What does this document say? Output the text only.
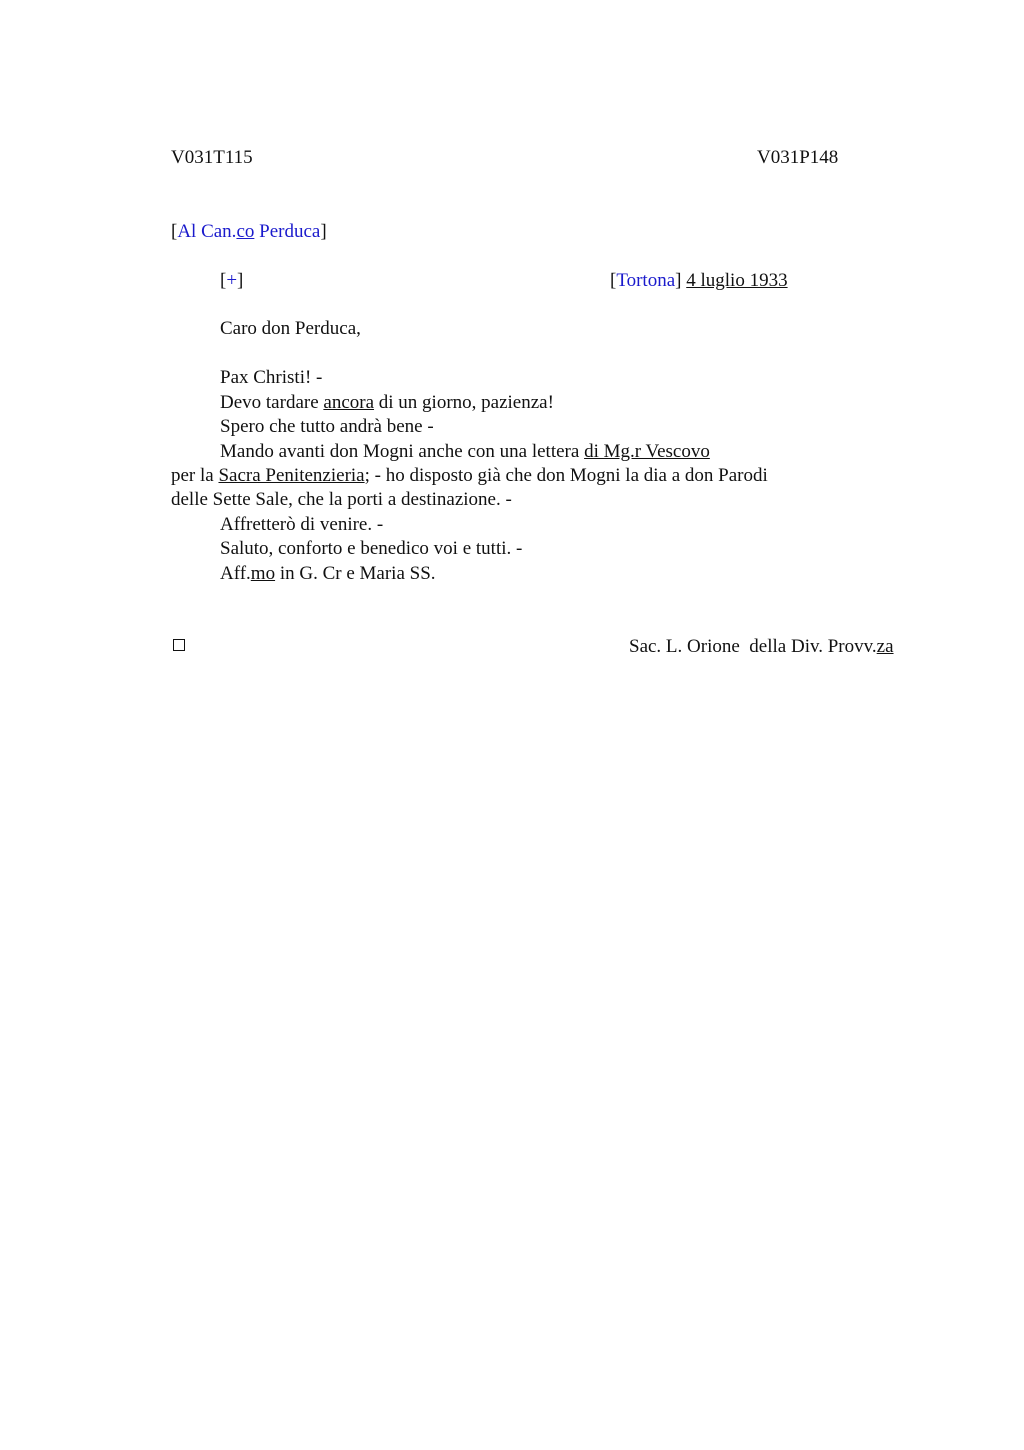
V031T115	V031P148
[Al Can.co Perduca]
[+]	[Tortona] 4 luglio 1933
Caro don Perduca,
Pax Christi! -
Devo tardare ancora di un giorno, pazienza!
Spero che tutto andrà bene -
Mando avanti don Mogni anche con una lettera di Mg.r Vescovo
per la Sacra Penitenzieria; - ho disposto già che don Mogni la dia a don Parodi
delle Sette Sale, che la porti a destinazione. -
Affretterò di venire. -
Saluto, conforto e benedico voi e tutti. -
Aff.mo in G. Cr e Maria SS.

Sac. L. Orione  della Div. Provv.za
